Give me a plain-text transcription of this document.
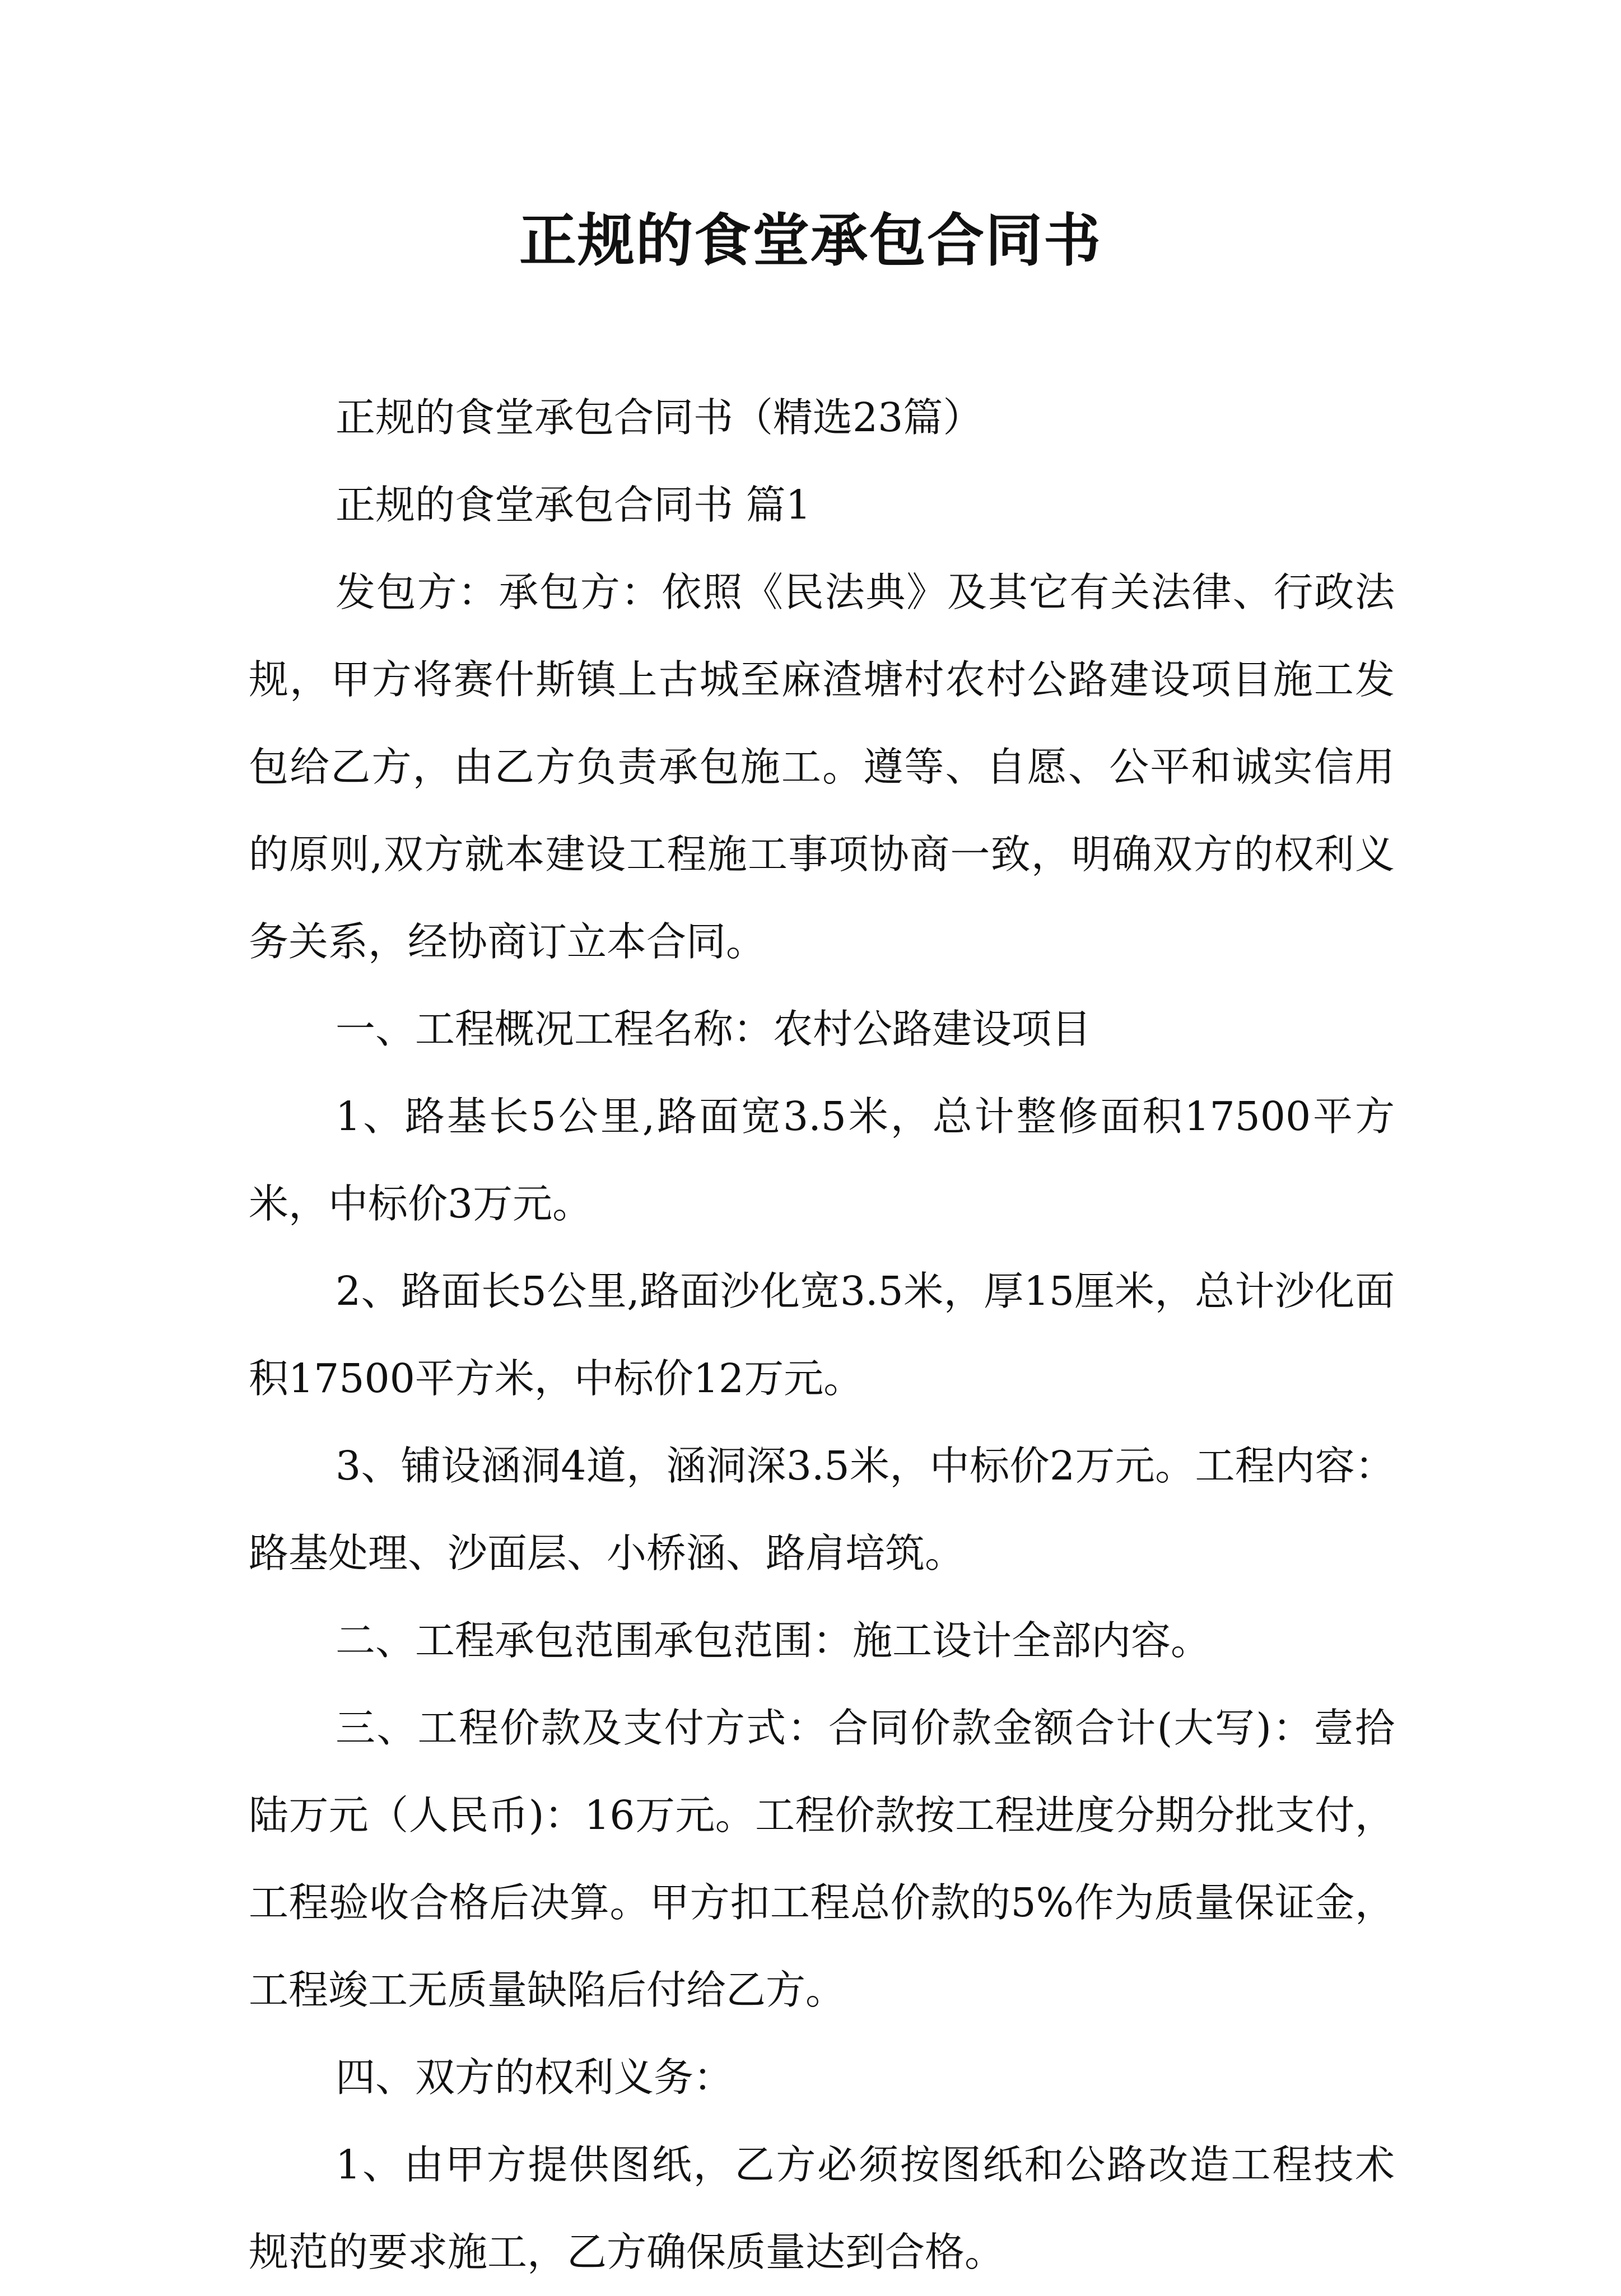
正规的食堂承包合同书

正规的食堂承包合同书（精选23篇）

正规的食堂承包合同书 篇1

发包方：承包方：依照《民法典》及其它有关法律、行政法规，甲方将赛什斯镇上古城至麻渣塘村农村公路建设项目施工发包给乙方，由乙方负责承包施工。遵等、自愿、公平和诚实信用的原则,双方就本建设工程施工事项协商一致，明确双方的权利义务关系，经协商订立本合同。

一、工程概况工程名称：农村公路建设项目

1、路基长5公里,路面宽3.5米，总计整修面积17500平方米，中标价3万元。

2、路面长5公里,路面沙化宽3.5米，厚15厘米，总计沙化面积17500平方米，中标价12万元。

3、铺设涵洞4道，涵洞深3.5米，中标价2万元。工程内容：路基处理、沙面层、小桥涵、路肩培筑。

二、工程承包范围承包范围：施工设计全部内容。

三、工程价款及支付方式：合同价款金额合计(大写)：壹拾陆万元（人民币)：16万元。工程价款按工程进度分期分批支付，工程验收合格后决算。甲方扣工程总价款的5%作为质量保证金，工程竣工无质量缺陷后付给乙方。

四、双方的权利义务：

1、由甲方提供图纸，乙方必须按图纸和公路改造工程技术规范的要求施工，乙方确保质量达到合格。
